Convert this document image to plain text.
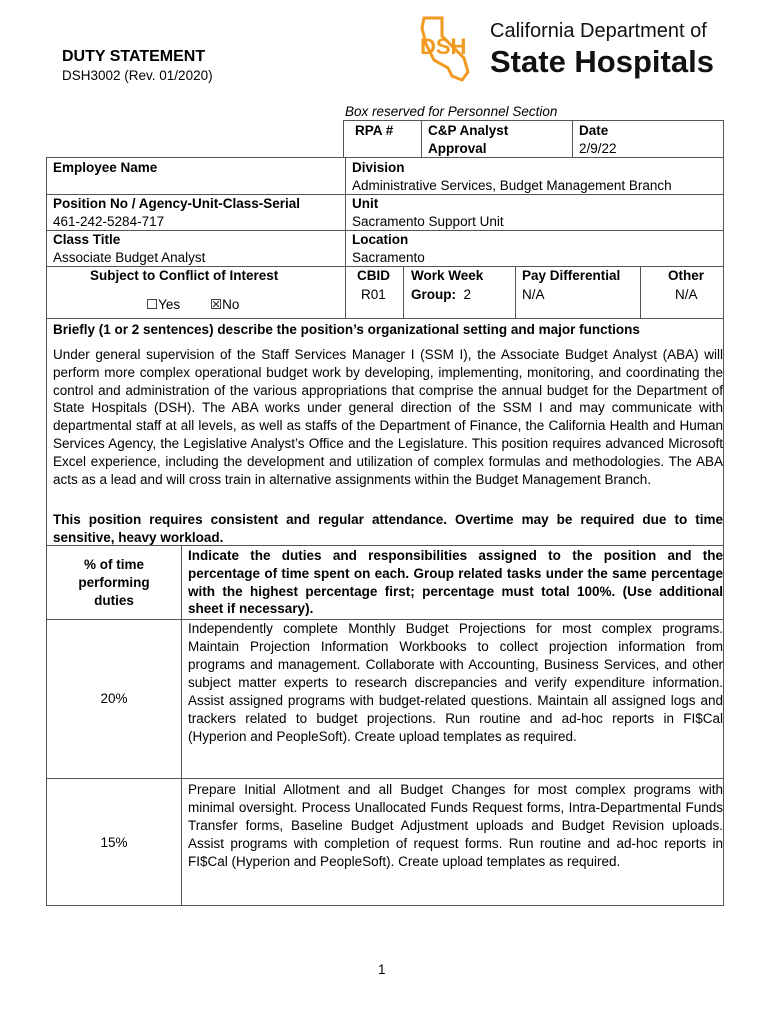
DUTY STATEMENT
DSH3002 (Rev. 01/2020)
DSH
California Department of
State Hospitals
Box reserved for Personnel Section
RPA #	C&P Analyst
Approval
Date
2/9/22
Employee Name
Position No / Agency-Unit-Class-Serial
461-242-5284-717
Class Title
Associate Budget Analyst
Subject to Conflict of Interest
☐Yes ☒No
Division
Administrative Services, Budget Management Branch
Unit
Sacramento Support Unit
Location
Sacramento
CBID
R01
Work Week
Group: 2
Pay Differential
N/A
Other
N/A
Briefly (1 or 2 sentences) describe the position’s organizational setting and major functions
Under general supervision of the Staff Services Manager I (SSM I), the Associate Budget Analyst (ABA) will perform more complex operational budget work by developing, implementing, monitoring, and coordinating the control and administration of the various appropriations that comprise the annual budget for the Department of State Hospitals (DSH). The ABA works under general direction of the SSM I and may communicate with departmental staff at all levels, as well as staffs of the Department of Finance, the California Health and Human Services Agency, the Legislative Analyst’s Office and the Legislature. This position requires advanced Microsoft Excel experience, including the development and utilization of complex formulas and methodologies. The ABA acts as a lead and will cross train in alternative assignments within the Budget Management Branch.
This position requires consistent and regular attendance. Overtime may be required due to time sensitive, heavy workload.
% of time
performing
duties
Indicate the duties and responsibilities assigned to the position and the percentage of time spent on each. Group related tasks under the same percentage with the highest percentage first; percentage must total 100%. (Use additional sheet if necessary).
20%
Independently complete Monthly Budget Projections for most complex programs. Maintain Projection Information Workbooks to collect projection information from programs and management. Collaborate with Accounting, Business Services, and other subject matter experts to research discrepancies and verify expenditure information. Assist assigned programs with budget-related questions. Maintain all assigned logs and trackers related to budget projections. Run routine and ad-hoc reports in FI$Cal (Hyperion and PeopleSoft). Create upload templates as required.
15%
Prepare Initial Allotment and all Budget Changes for most complex programs with minimal oversight. Process Unallocated Funds Request forms, Intra-Departmental Funds Transfer forms, Baseline Budget Adjustment uploads and Budget Revision uploads. Assist programs with completion of request forms. Run routine and ad-hoc reports in FI$Cal (Hyperion and PeopleSoft). Create upload templates as required.
1
